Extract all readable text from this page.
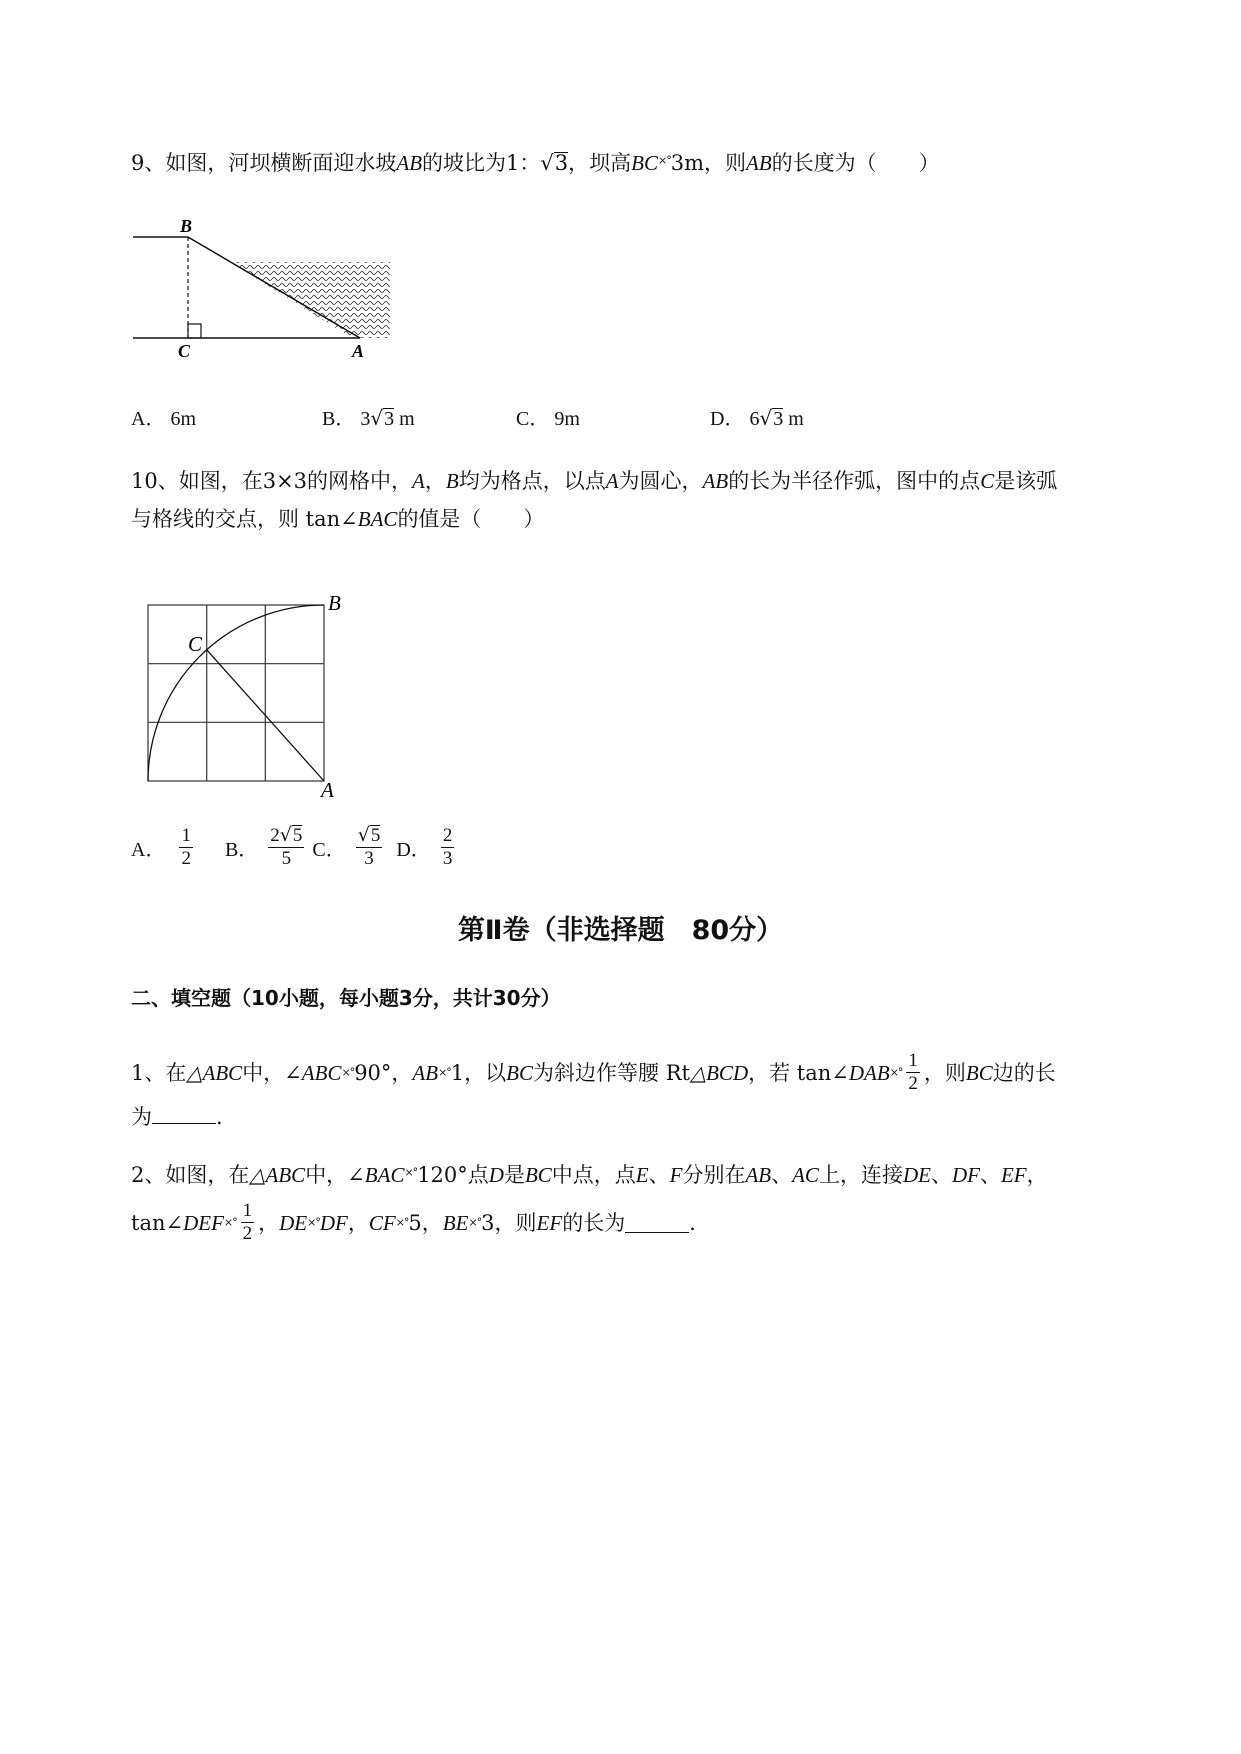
9、如图，河坝横断面迎水坡AB的坡比为1：√3，坝高BC×°3m，则AB的长度为（　　）
B
C	A
A． 6m	B． 3√3 m	C． 9m	D． 6√3 m
10、如图，在3×3的网格中，A，B均为格点，以点A为圆心，AB的长为半径作弧，图中的点C是该弧
与格线的交点，则 tan∠BAC的值是（　　）
B
C
A
A． $\frac{1}{2}$ B． $\frac{2√5}{5}$ C． $\frac{√5}{3}$ D． $\frac{2}{3}$
第Ⅱ卷（非选择题　80分）
二、填空题（10小题，每小题3分，共计30分）
1、在 △ABC 中，∠ ABC ×° 90°， AB ×° 1，以 BC 为斜边作等腰 Rt △BCD ，若 tan∠ DAB ×° $\frac{1}{2}$ ，则 BC 边的长
为	．
2、如图，在△ABC中，∠BAC×°120°点D是BC中点，点E、F分别在AB、AC上，连接DE、DF、EF，
tan∠ DEF ×° $\frac{1}{2}$ ， DE ×° DF ， CF ×° 5， BE ×° 3，则 EF 的长为	．
